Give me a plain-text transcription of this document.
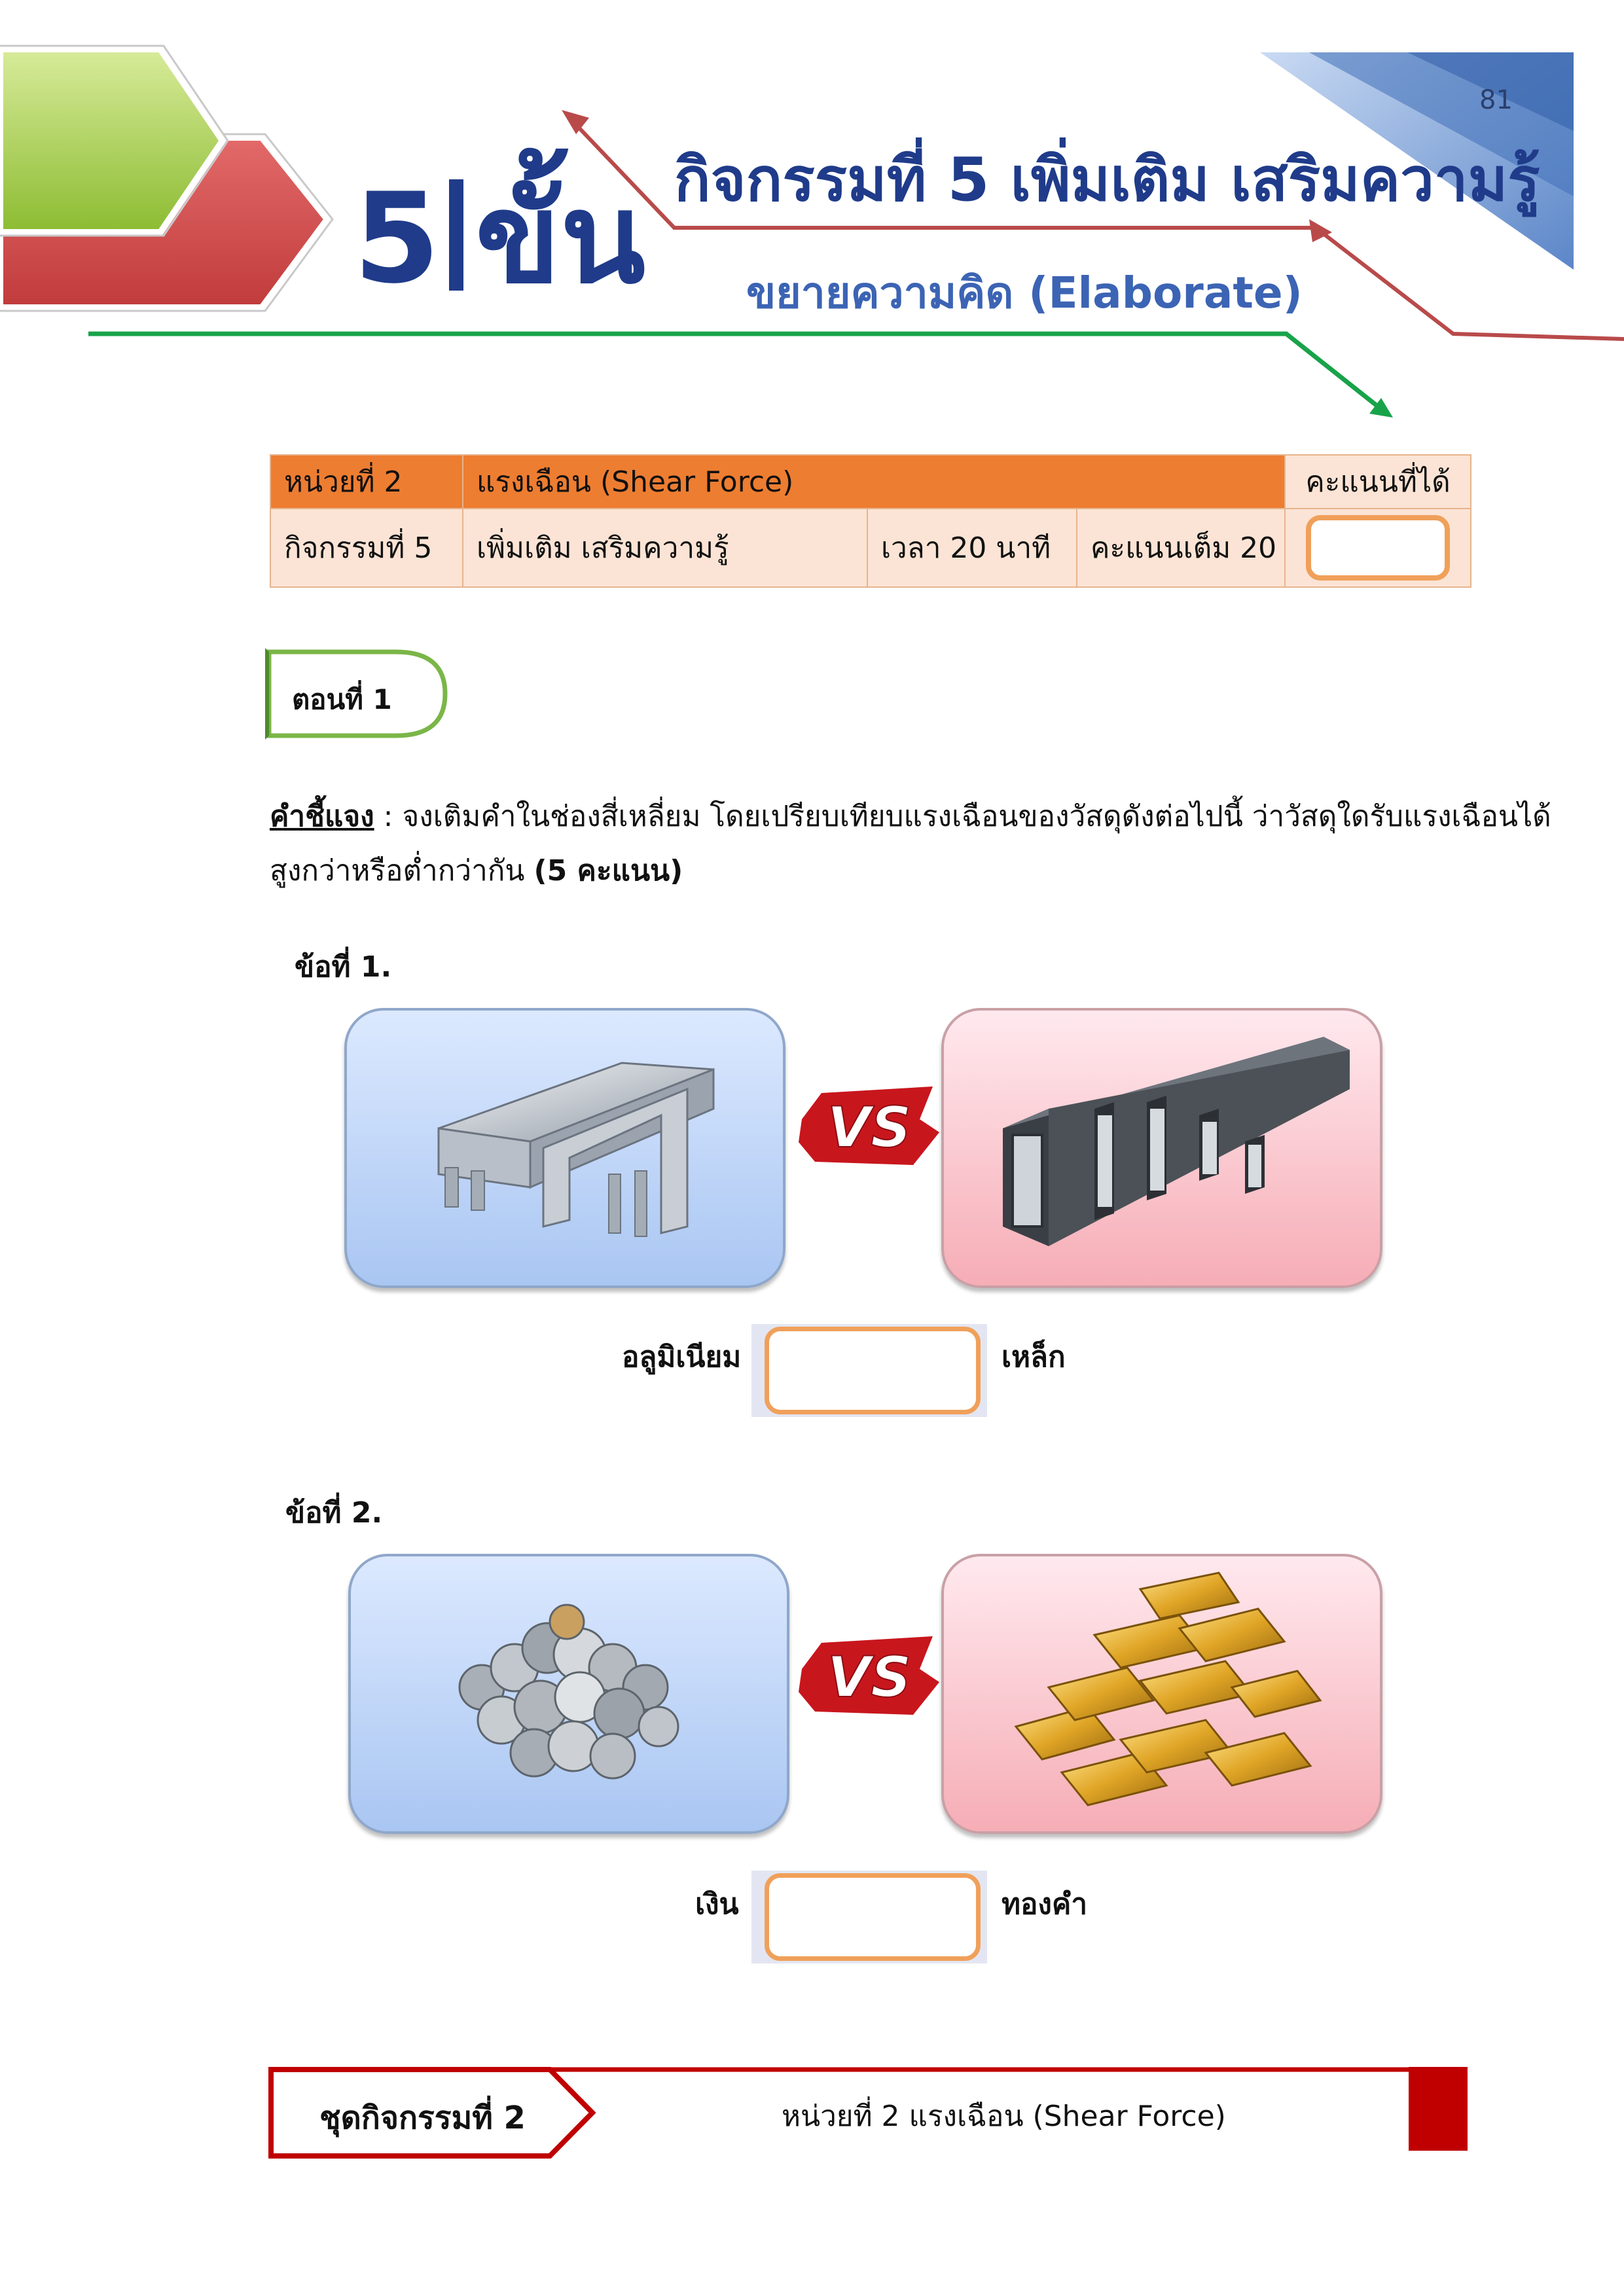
81
5 ขั้น กิจกรรมที่ 5 เพิ่มเติม เสริมความรู้
ขยายความคิด (Elaborate)
หน่วยที่ 2	แรงเฉือน (Shear Force)			คะแนนที่ได้
กิจกรรมที่ 5	เพิ่มเติม เสริมความรู้	เวลา 20 นาที	คะแนนเต็ม 20	
ตอนที่ 1
คำชี้แจง : จงเติมคำในช่องสี่เหลี่ยม โดยเปรียบเทียบแรงเฉือนของวัสดุดังต่อไปนี้ ว่าวัสดุใดรับแรงเฉือนได้
สูงกว่าหรือต่ำกว่ากัน (5 คะแนน)
ข้อที่ 1.
VS
อลูมิเนียม	เหล็ก
ข้อที่ 2.
VS
เงิน	ทองคำ
ชุดกิจกรรมที่ 2	หน่วยที่ 2 แรงเฉือน (Shear Force)
